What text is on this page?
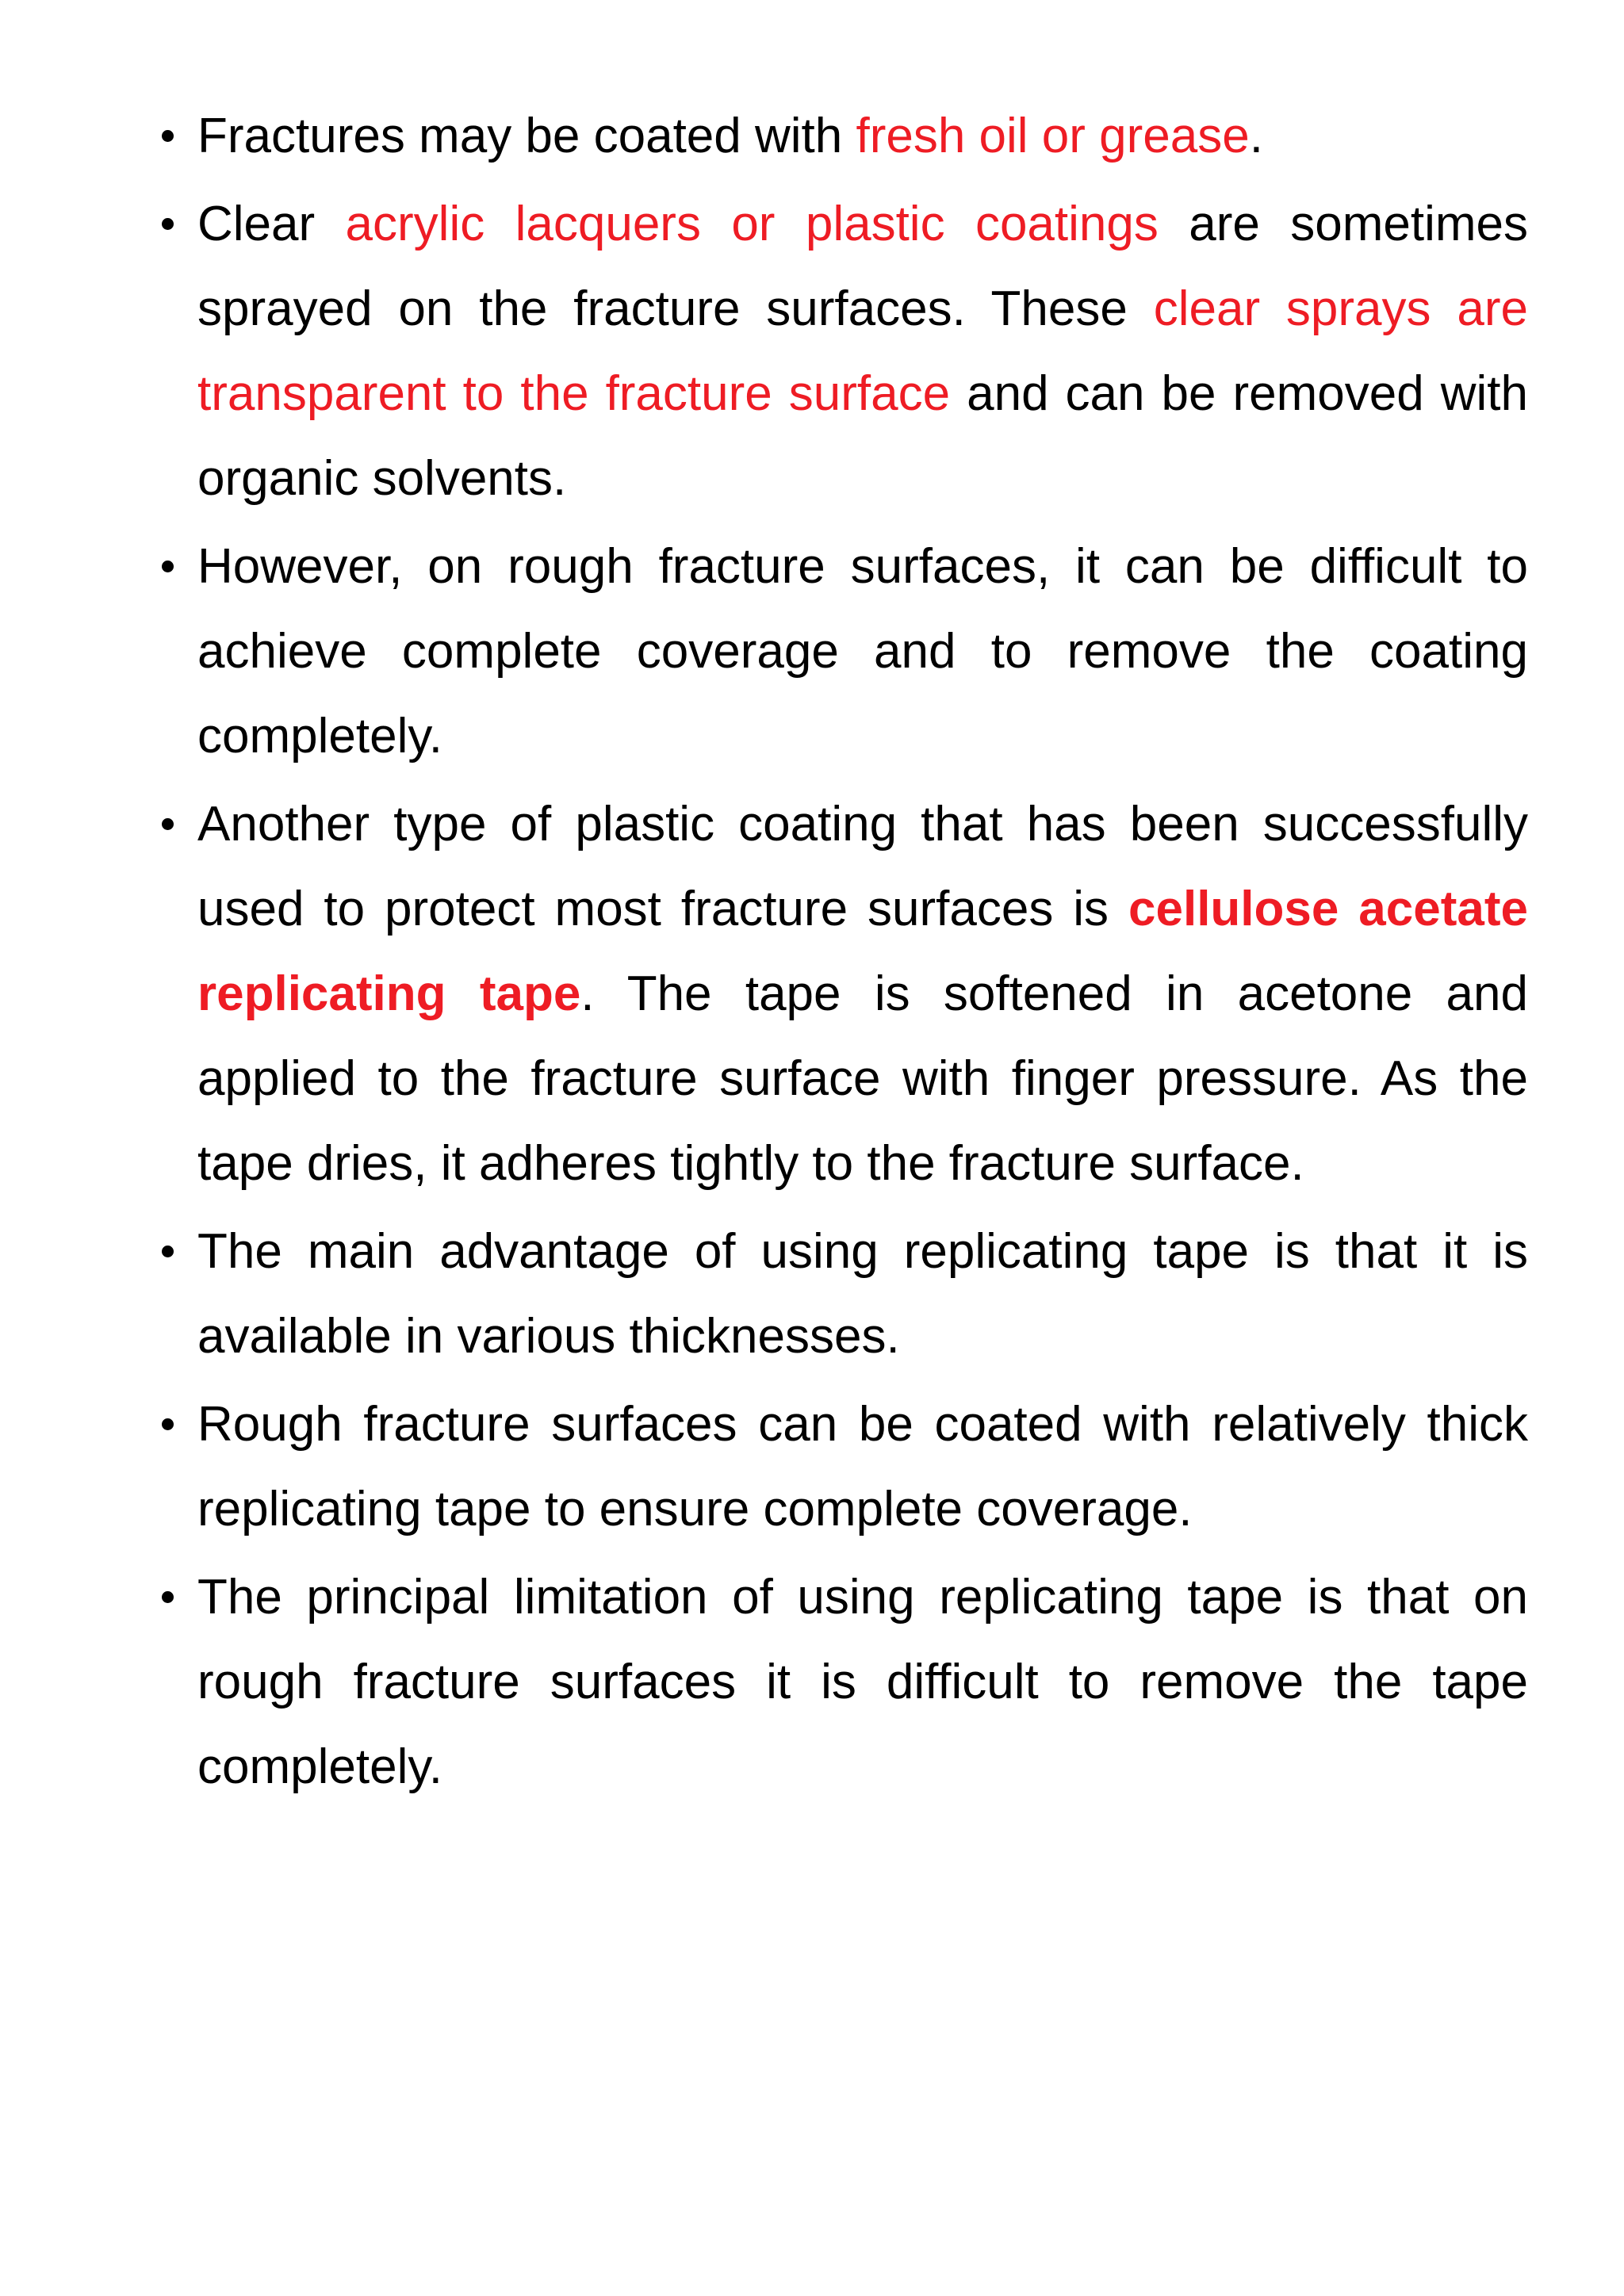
Fractures may be coated with fresh oil or grease.
Clear acrylic lacquers or plastic coatings are sometimes sprayed on the fracture surfaces. These clear sprays are transparent to the fracture surface and can be removed with organic solvents.
However, on rough fracture surfaces, it can be difficult to achieve complete coverage and to remove the coating completely.
Another type of plastic coating that has been successfully used to protect most fracture surfaces is cellulose acetate replicating tape. The tape is softened in acetone and applied to the fracture surface with finger pressure. As the tape dries, it adheres tightly to the fracture surface.
The main advantage of using replicating tape is that it is available in various thicknesses.
Rough fracture surfaces can be coated with relatively thick replicating tape to ensure complete coverage.
The principal limitation of using replicating tape is that on rough fracture surfaces it is difficult to remove the tape completely.
